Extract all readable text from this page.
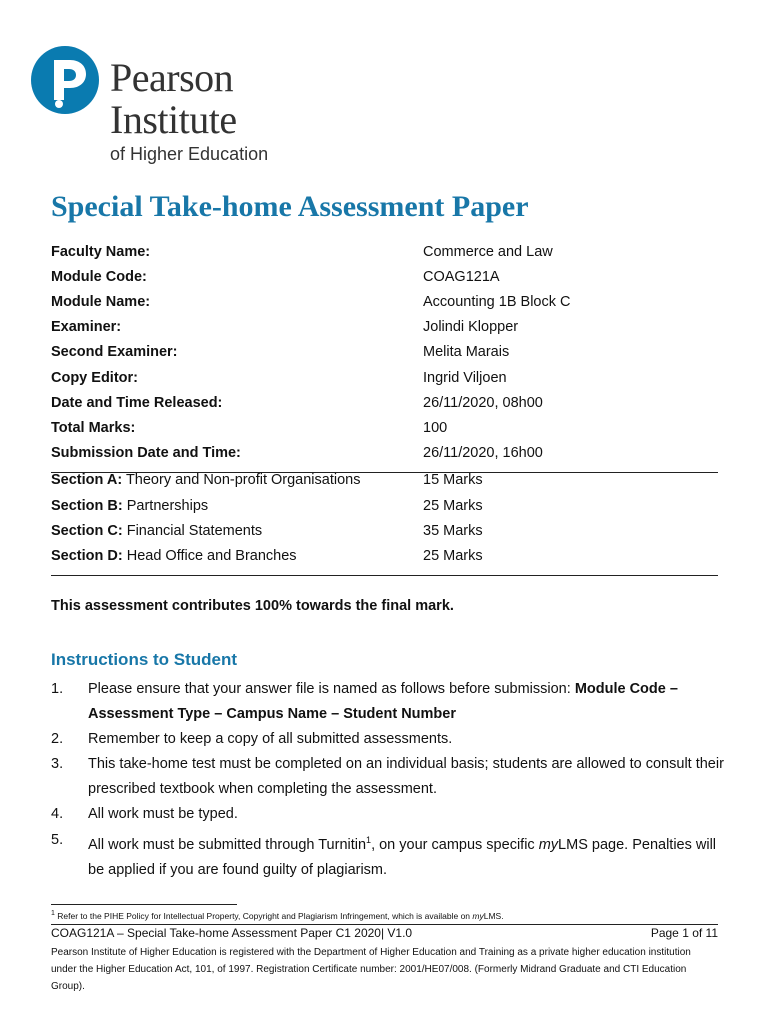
Pearson
Institute
of Higher Education
Special Take-home Assessment Paper
Faculty Name:	Commerce and Law
Module Code:	COAG121A
Module Name:	Accounting 1B Block C
Examiner:	Jolindi Klopper
Second Examiner:	Melita Marais
Copy Editor:	Ingrid Viljoen
Date and Time Released:	26/11/2020, 08h00
Total Marks:	100
Submission Date and Time:	26/11/2020, 16h00
Section A: Theory and Non-profit Organisations	15 Marks
Section B: Partnerships	25 Marks
Section C: Financial Statements	35 Marks
Section D: Head Office and Branches	25 Marks
This assessment contributes 100% towards the final mark.
Instructions to Student
1. Please ensure that your answer file is named as follows before submission: Module Code – Assessment Type – Campus Name – Student Number
2. Remember to keep a copy of all submitted assessments.
3. This take-home test must be completed on an individual basis; students are allowed to consult their prescribed textbook when completing the assessment.
4. All work must be typed.
5. All work must be submitted through Turnitin$^1$, on your campus specific myLMS page. Penalties will be applied if you are found guilty of plagiarism.
$^1$ Refer to the PIHE Policy for Intellectual Property, Copyright and Plagiarism Infringement, which is available on myLMS.
COAG121A – Special Take-home Assessment Paper C1 2020| V1.0	Page 1 of 11
Pearson Institute of Higher Education is registered with the Department of Higher Education and Training as a private higher education institution under the Higher Education Act, 101, of 1997. Registration Certificate number: 2001/HE07/008. (Formerly Midrand Graduate and CTI Education Group).
